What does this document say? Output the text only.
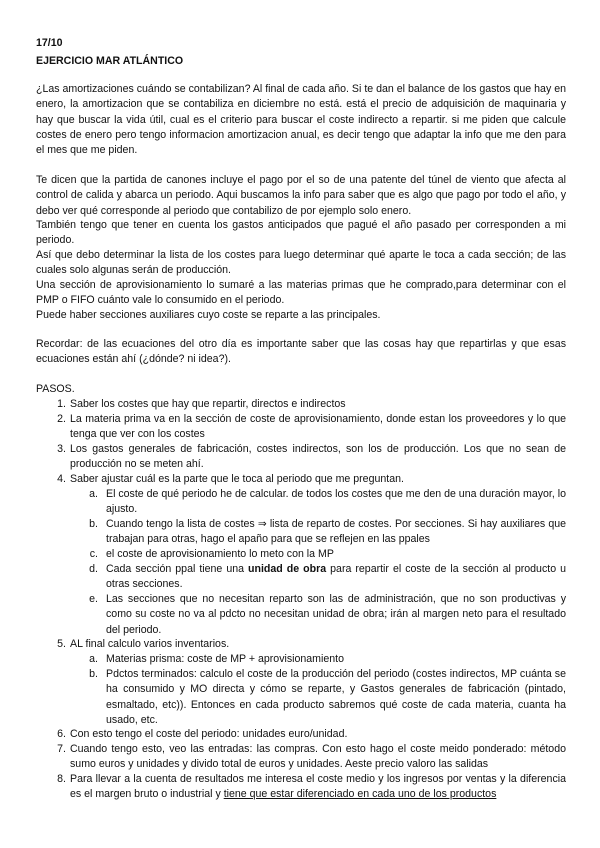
17/10
EJERCICIO MAR ATLÁNTICO

¿Las amortizaciones cuándo se contabilizan? Al final de cada año. Si te dan el balance de los gastos que hay en enero, la amortizacion que se contabiliza en diciembre no está. está el precio de adquisición de maquinaria y hay que buscar la vida útil, cual es el criterio para buscar el coste indirecto a repartir. si me piden que calcule costes de enero pero tengo informacion amortizacion anual, es decir tengo que adaptar la info que me den para el mes que me piden.

Te dicen que la partida de canones incluye el pago por el so de una patente del túnel de viento que afecta al control de calida y abarca un periodo. Aqui buscamos la info para saber que es algo que pago por todo el año, y debo ver qué corresponde al periodo que contabilizo de por ejemplo solo enero.

También tengo que tener en cuenta los gastos anticipados que pagué el año pasado per corresponden a mi periodo.

Así que debo determinar la lista de los costes para luego determinar qué aparte le toca a cada sección; de las cuales solo algunas serán de producción.

Una sección de aprovisionamiento lo sumaré a las materias primas que he comprado,para determinar con el PMP o FIFO cuánto vale lo consumido en el periodo.

Puede haber secciones auxiliares cuyo coste se reparte a las principales.

Recordar: de las ecuaciones del otro día es importante saber que las cosas hay que repartirlas y que esas ecuaciones están ahí (¿dónde? ni idea?).

PASOS.
1. Saber los costes que hay que repartir, directos e indirectos
2. La materia prima va en la sección de coste de aprovisionamiento, donde estan los proveedores y lo que tenga que ver con los costes
3. Los gastos generales de fabricación, costes indirectos, son los de producción. Los que no sean de producción no se meten ahí.
4. Saber ajustar cuál es la parte que le toca al periodo que me preguntan.
a. El coste de qué periodo he de calcular. de todos los costes que me den de una duración mayor, lo ajusto.
b. Cuando tengo la lista de costes ⇒ lista de reparto de costes. Por secciones. Si hay auxiliares que trabajan para otras, hago el apaño para que se reflejen en las ppales
c. el coste de aprovisionamiento lo meto con la MP
d. Cada sección ppal tiene una unidad de obra para repartir el coste de la sección al producto u otras secciones.
e. Las secciones que no necesitan reparto son las de administración, que no son productivas y como su coste no va al pdcto no necesitan unidad de obra; irán al margen neto para el resultado del periodo.
5. AL final calculo varios inventarios.
a. Materias prisma: coste de MP + aprovisionamiento
b. Pdctos terminados: calculo el coste de la producción del periodo (costes indirectos, MP cuánta se ha consumido y MO directa y cómo se reparte, y Gastos generales de fabricación (pintado, esmaltado, etc)). Entonces en cada producto sabremos qué coste de cada materia, cuanta ha usado, etc.
6. Con esto tengo el coste del periodo: unidades euro/unidad.
7. Cuando tengo esto, veo las entradas: las compras. Con esto hago el coste meido ponderado: método sumo euros y unidades y divido total de euros y unidades. Aeste precio valoro las salidas
8. Para llevar a la cuenta de resultados me interesa el coste medio y los ingresos por ventas y la diferencia es el margen bruto o industrial y tiene que estar diferenciado en cada uno de los productos
